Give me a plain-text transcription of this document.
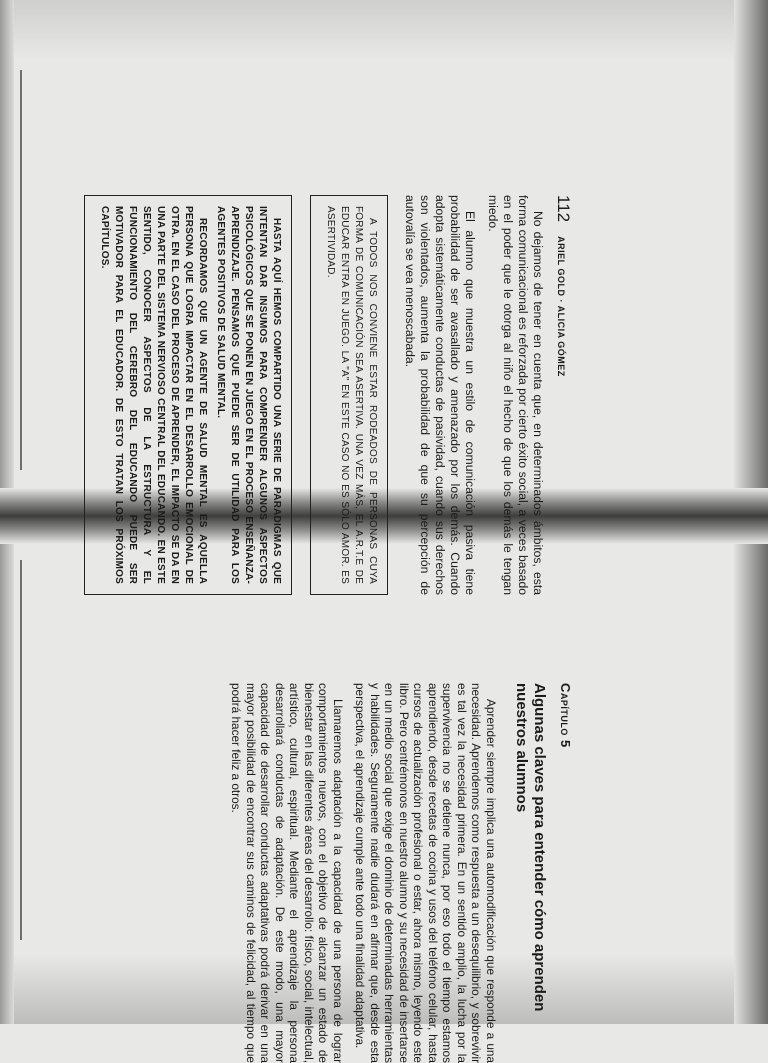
112
ARIEL GOLD · ALICIA GÓMEZ

No dejamos de tener en cuenta que, en determinados ámbitos, esta forma comunicacional es reforzada por cierto éxito social, a veces basado en el poder que le otorga al niño el hecho de que los demás le tengan miedo.

El alumno que muestra un estilo de comunicación pasiva tiene probabilidad de ser avasallado y amenazado por los demás. Cuando adopta sistemáticamente conductas de pasividad, cuando sus derechos son violentados, aumenta la probabilidad de que su percepción de autovalía se vea menoscabada.

A TODOS NOS CONVIENE ESTAR RODEADOS DE PERSONAS CUYA FORMA DE COMUNICACIÓN SEA ASERTIVA. UNA VEZ MÁS, EL A.R.T.E DE EDUCAR ENTRA EN JUEGO. LA "A" EN ESTE CASO NO ES SÓLO AMOR. ES ASERTIVIDAD.

HASTA AQUÍ HEMOS COMPARTIDO UNA SERIE DE PARADIGMAS QUE INTENTAN DAR INSUMOS PARA COMPRENDER ALGUNOS ASPECTOS PSICOLÓGICOS QUE SE PONEN EN JUEGO EN EL PROCESO ENSEÑANZA-APRENDIZAJE. PENSAMOS QUE PUEDE SER DE UTILIDAD PARA LOS AGENTES POSITIVOS DE SALUD MENTAL.

RECORDAMOS QUE UN AGENTE DE SALUD MENTAL ES AQUELLA PERSONA QUE LOGRA IMPACTAR EN EL DESARROLLO EMOCIONAL DE OTRA. EN EL CASO DEL PROCESO DE APRENDER, EL IMPACTO SE DA EN UNA PARTE DEL SISTEMA NERVIOSO CENTRAL DEL EDUCANDO. EN ESTE SENTIDO, CONOCER ASPECTOS DE LA ESTRUCTURA Y EL FUNCIONAMIENTO DEL CEREBRO DEL EDUCANDO PUEDE SER MOTIVADOR PARA EL EDUCADOR. DE ESTO TRATAN LOS PRÓXIMOS CAPÍTULOS.

Capítulo 5
Algunas claves para entender cómo aprenden nuestros alumnos

Aprender siempre implica una automodificación que responde a una necesidad. Aprendemos como respuesta a un desequilibrio, y sobrevivir es tal vez la necesidad primera. En un sentido amplio, la lucha por la supervivencia no se detiene nunca, por eso todo el tiempo estamos aprendiendo, desde recetas de cocina y usos del teléfono celular, hasta cursos de actualización profesional o estar, ahora mismo, leyendo este libro. Pero centrémonos en nuestro alumno y su necesidad de insertarse en un medio social que exige el dominio de determinadas herramientas y habilidades. Seguramente nadie dudará en afirmar que, desde esta perspectiva, el aprendizaje cumple ante todo una finalidad adaptativa.

Llamaremos adaptación a la capacidad de una persona de lograr comportamientos nuevos, con el objetivo de alcanzar un estado de bienestar en las diferentes áreas del desarrollo: físico, social, intelectual, artístico, cultural, espiritual. Mediante el aprendizaje la persona desarrollará conductas de adaptación. De este modo, una mayor capacidad de desarrollar conductas adaptativas podrá derivar en una mayor posibilidad de encontrar sus caminos de felicidad, al tiempo que podrá hacer feliz a otros.
